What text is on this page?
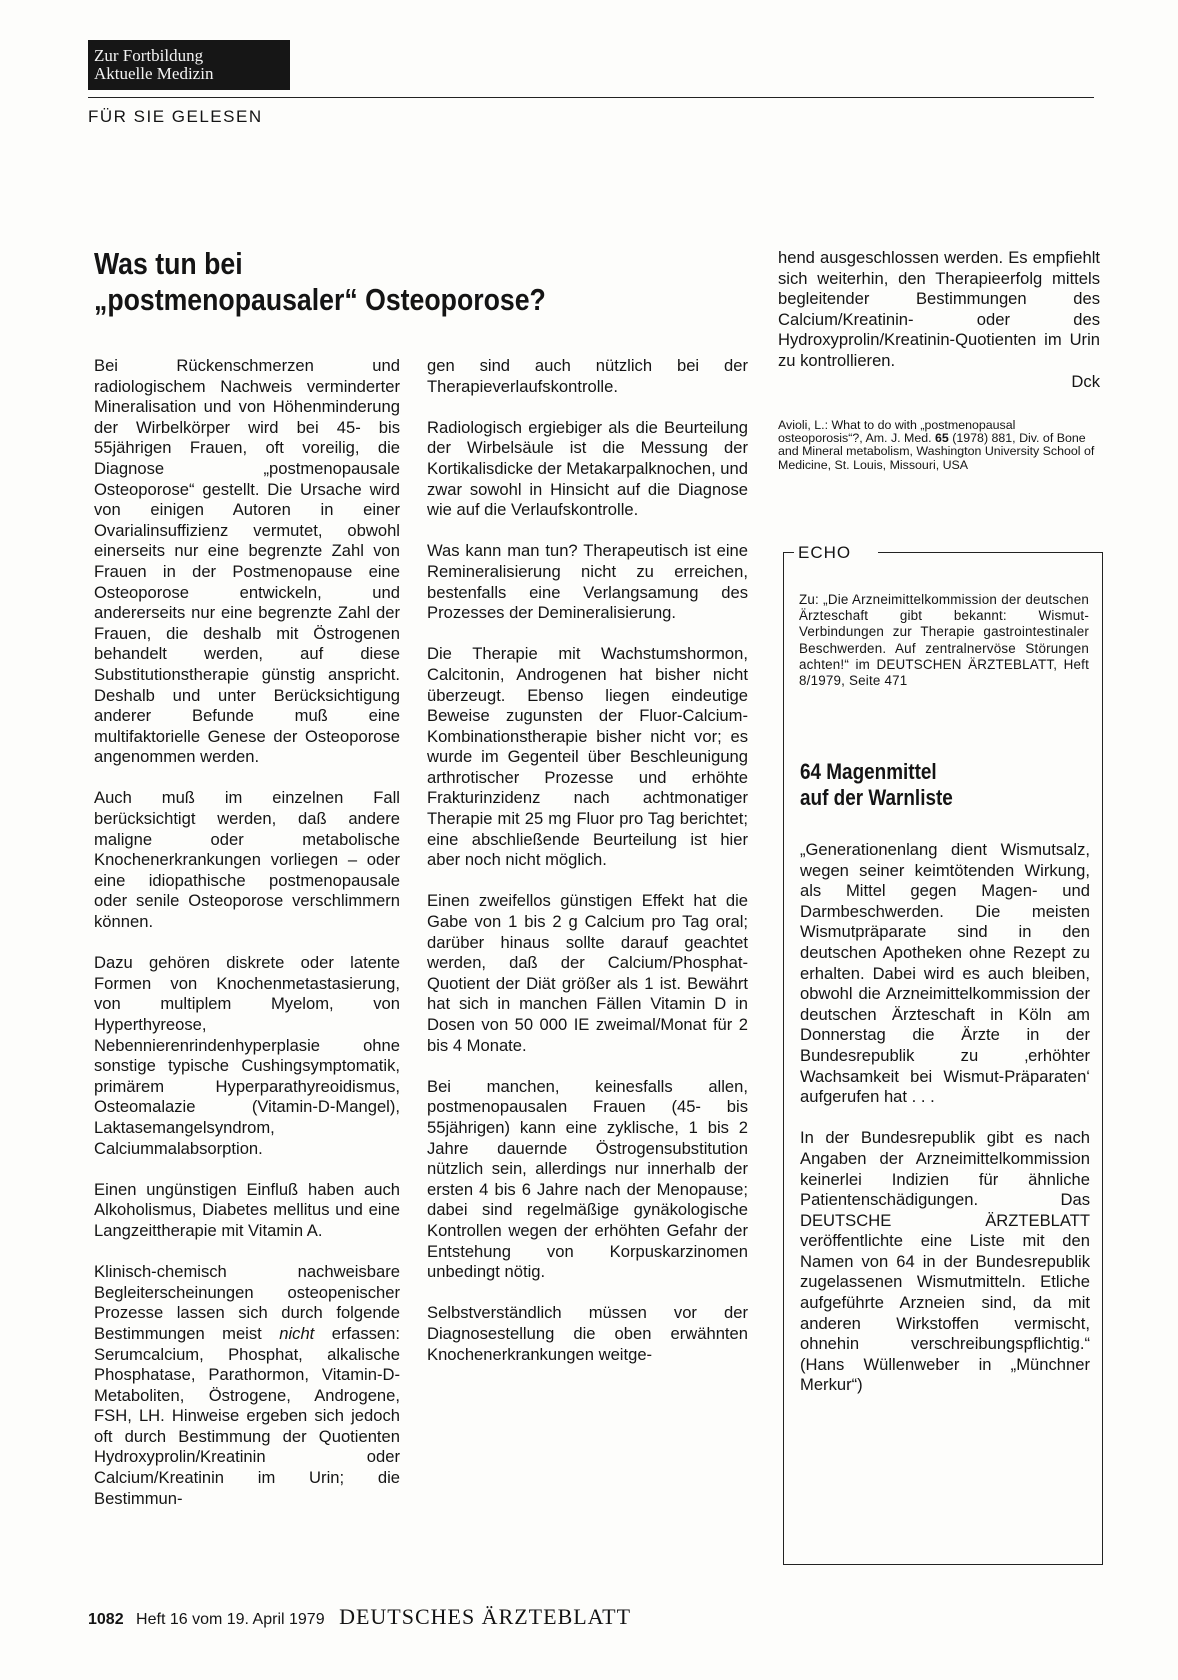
Zur Fortbildung
Aktuelle Medizin
FÜR SIE GELESEN
Was tun bei
„postmenopausaler“ Osteoporose?

Bei Rückenschmerzen und radiologischem Nachweis verminderter Mineralisation und von Höhenminderung der Wirbelkörper wird bei 45- bis 55jährigen Frauen, oft voreilig, die Diagnose „postmenopausale Osteoporose“ gestellt. Die Ursache wird von einigen Autoren in einer Ovarialinsuffizienz vermutet, obwohl einerseits nur eine begrenzte Zahl von Frauen in der Postmenopause eine Osteoporose entwickeln, und andererseits nur eine begrenzte Zahl der Frauen, die deshalb mit Östrogenen behandelt werden, auf diese Substitutionstherapie günstig anspricht. Deshalb und unter Berücksichtigung anderer Befunde muß eine multifaktorielle Genese der Osteoporose angenommen werden.

Auch muß im einzelnen Fall berücksichtigt werden, daß andere maligne oder metabolische Knochenerkrankungen vorliegen – oder eine idiopathische postmenopausale oder senile Osteoporose verschlimmern können.

Dazu gehören diskrete oder latente Formen von Knochenmetastasierung, von multiplem Myelom, von Hyperthyreose, Nebennierenrindenhyperplasie ohne sonstige typische Cushingsymptomatik, primärem Hyperparathyreoidismus, Osteomalazie (Vitamin-D-Mangel), Laktasemangelsyndrom, Calciummalabsorption.

Einen ungünstigen Einfluß haben auch Alkoholismus, Diabetes mellitus und eine Langzeittherapie mit Vitamin A.

Klinisch-chemisch nachweisbare Begleiterscheinungen osteopenischer Prozesse lassen sich durch folgende Bestimmungen meist nicht erfassen: Serumcalcium, Phosphat, alkalische Phosphatase, Parathormon, Vitamin-D-Metaboliten, Östrogene, Androgene, FSH, LH. Hinweise ergeben sich jedoch oft durch Bestimmung der Quotienten Hydroxyprolin/Kreatinin oder Calcium/Kreatinin im Urin; die Bestimmun-

gen sind auch nützlich bei der Therapieverlaufskontrolle.

Radiologisch ergiebiger als die Beurteilung der Wirbelsäule ist die Messung der Kortikalisdicke der Metakarpalknochen, und zwar sowohl in Hinsicht auf die Diagnose wie auf die Verlaufskontrolle.

Was kann man tun? Therapeutisch ist eine Remineralisierung nicht zu erreichen, bestenfalls eine Verlangsamung des Prozesses der Demineralisierung.

Die Therapie mit Wachstumshormon, Calcitonin, Androgenen hat bisher nicht überzeugt. Ebenso liegen eindeutige Beweise zugunsten der Fluor-Calcium-Kombinationstherapie bisher nicht vor; es wurde im Gegenteil über Beschleunigung arthrotischer Prozesse und erhöhte Frakturinzidenz nach achtmonatiger Therapie mit 25 mg Fluor pro Tag berichtet; eine abschließende Beurteilung ist hier aber noch nicht möglich.

Einen zweifellos günstigen Effekt hat die Gabe von 1 bis 2 g Calcium pro Tag oral; darüber hinaus sollte darauf geachtet werden, daß der Calcium/Phosphat-Quotient der Diät größer als 1 ist. Bewährt hat sich in manchen Fällen Vitamin D in Dosen von 50 000 IE zweimal/Monat für 2 bis 4 Monate.

Bei manchen, keinesfalls allen, postmenopausalen Frauen (45- bis 55jährigen) kann eine zyklische, 1 bis 2 Jahre dauernde Östrogensubstitution nützlich sein, allerdings nur innerhalb der ersten 4 bis 6 Jahre nach der Menopause; dabei sind regelmäßige gynäkologische Kontrollen wegen der erhöhten Gefahr der Entstehung von Korpuskarzinomen unbedingt nötig.

Selbstverständlich müssen vor der Diagnosestellung die oben erwähnten Knochenerkrankungen weitge-

hend ausgeschlossen werden. Es empfiehlt sich weiterhin, den Therapieerfolg mittels begleitender Bestimmungen des Calcium/Kreatinin- oder des Hydroxyprolin/Kreatinin-Quotienten im Urin zu kontrollieren.

Dck

Avioli, L.: What to do with „postmenopausal osteoporosis“?, Am. J. Med. 65 (1978) 881, Div. of Bone and Mineral metabolism, Washington University School of Medicine, St. Louis, Missouri, USA

ECHO

Zu: „Die Arzneimittelkommission der deutschen Ärzteschaft gibt bekannt: Wismut-Verbindungen zur Therapie gastrointestinaler Beschwerden. Auf zentralnervöse Störungen achten!“ im DEUTSCHEN ÄRZTEBLATT, Heft 8/1979, Seite 471

64 Magenmittel
auf der Warnliste

„Generationenlang dient Wismutsalz, wegen seiner keimtötenden Wirkung, als Mittel gegen Magen- und Darmbeschwerden. Die meisten Wismutpräparate sind in den deutschen Apotheken ohne Rezept zu erhalten. Dabei wird es auch bleiben, obwohl die Arzneimittelkommission der deutschen Ärzteschaft in Köln am Donnerstag die Ärzte in der Bundesrepublik zu ‚erhöhter Wachsamkeit bei Wismut-Präparaten‘ aufgerufen hat . . .

In der Bundesrepublik gibt es nach Angaben der Arzneimittelkommission keinerlei Indizien für ähnliche Patientenschädigungen. Das DEUTSCHE ÄRZTEBLATT veröffentlichte eine Liste mit den Namen von 64 in der Bundesrepublik zugelassenen Wismutmitteln. Etliche aufgeführte Arzneien sind, da mit anderen Wirkstoffen vermischt, ohnehin verschreibungspflichtig.“ (Hans Wüllenweber in „Münchner Merkur“)

1082 Heft 16 vom 19. April 1979 DEUTSCHES ÄRZTEBLATT
